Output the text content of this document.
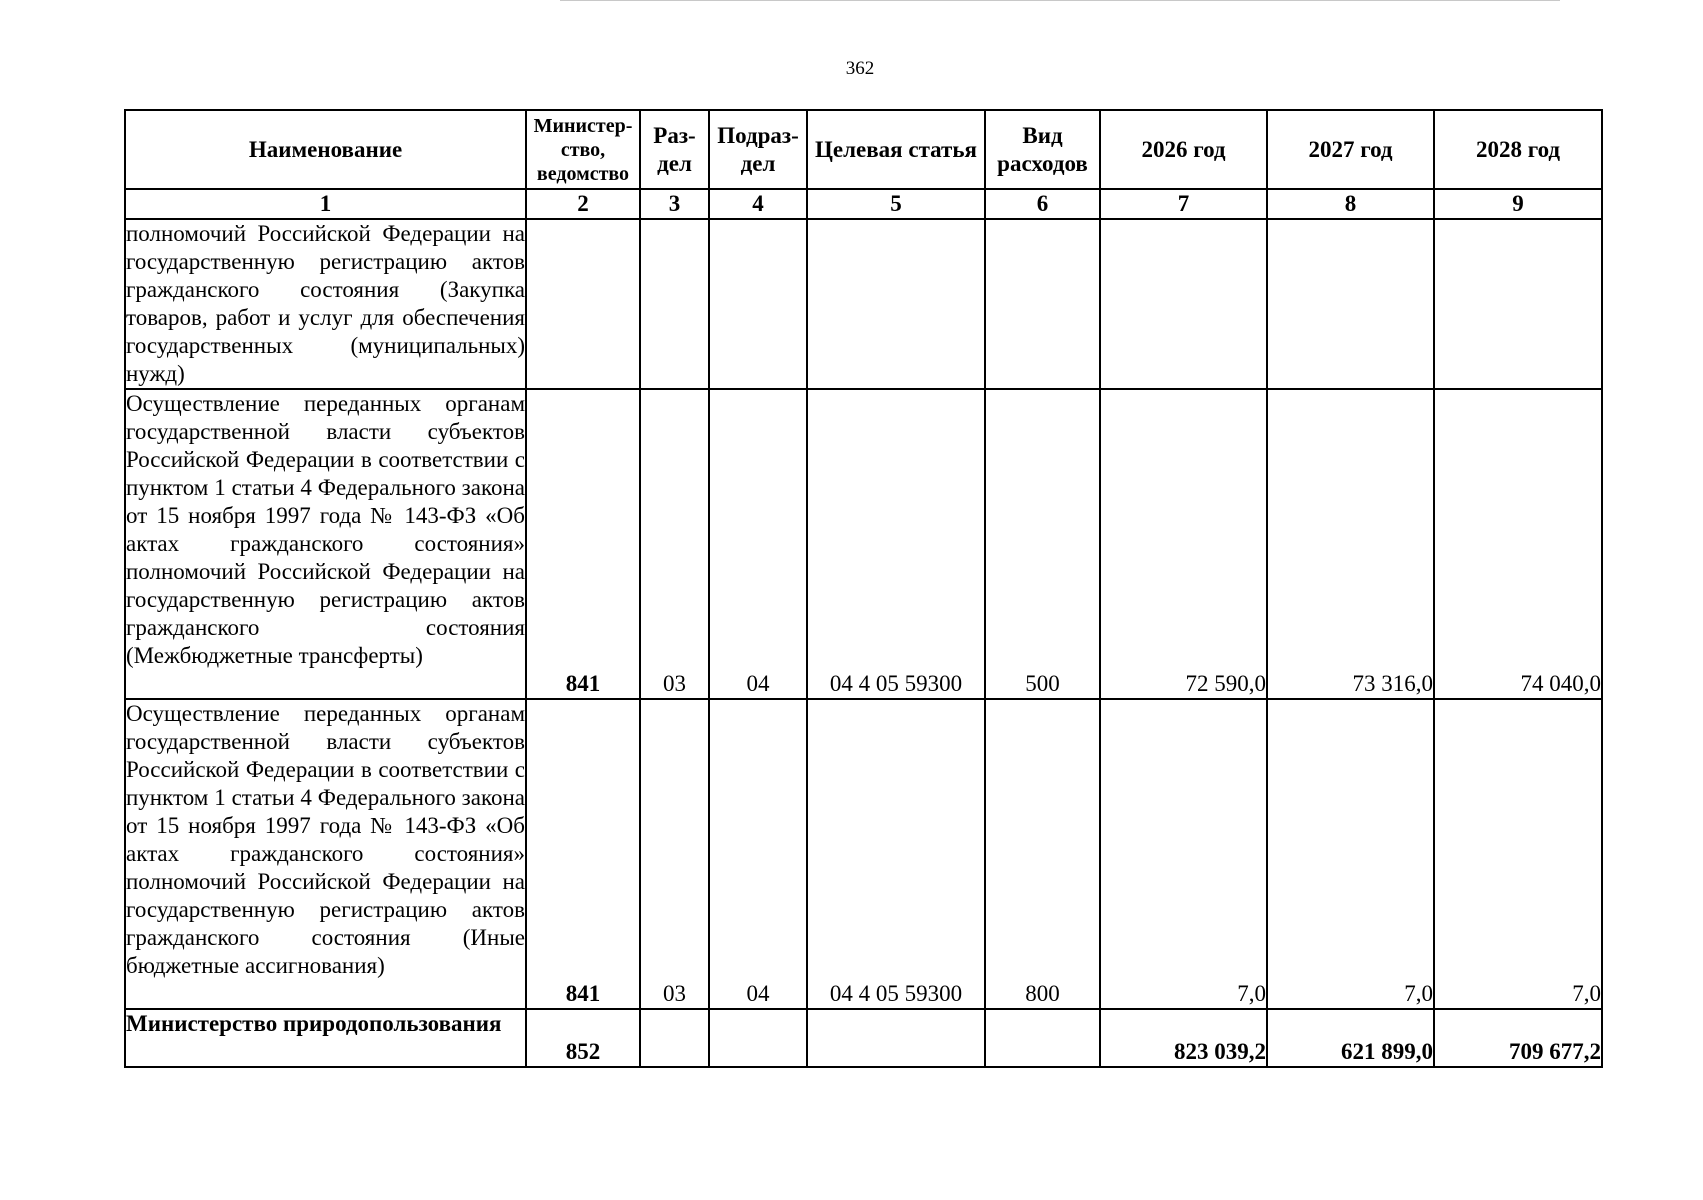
362
Наименование	Министер-ство, ведомство	Раз-дел	Подраз-дел	Целевая статья	Вид расходов	2026 год	2027 год	2028 год
1	2	3	4	5	6	7	8	9
полномочий Российской Федерации на государственную регистрацию актов гражданского состояния (Закупка товаров, работ и услуг для обеспечения государственных (муниципальных) нужд)								
Осуществление переданных органам государственной власти субъектов Российской Федерации в соответствии с пунктом 1 статьи 4 Федерального закона от 15 ноября 1997 года № 143-ФЗ «Об актах гражданского состояния» полномочий Российской Федерации на государственную регистрацию актов гражданского состояния (Межбюджетные трансферты)	841	03	04	04 4 05 59300	500	72 590,0	73 316,0	74 040,0
Осуществление переданных органам государственной власти субъектов Российской Федерации в соответствии с пунктом 1 статьи 4 Федерального закона от 15 ноября 1997 года № 143-ФЗ «Об актах гражданского состояния» полномочий Российской Федерации на государственную регистрацию актов гражданского состояния (Иные бюджетные ассигнования)	841	03	04	04 4 05 59300	800	7,0	7,0	7,0
Министерство природопользования	852					823 039,2	621 899,0	709 677,2
